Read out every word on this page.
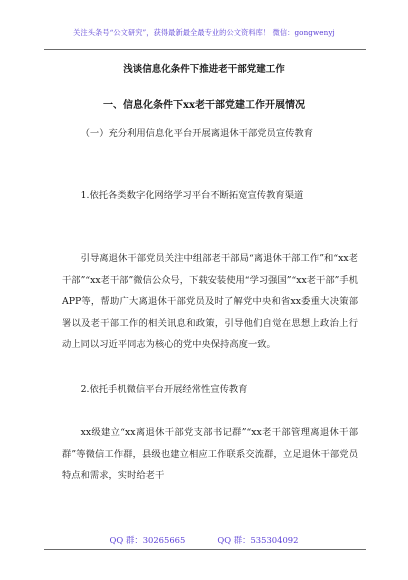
关注头条号“公文研究”，获得最新最全最专业的公文资料库！ 微信：gongwenyj
浅谈信息化条件下推进老干部党建工作
一、信息化条件下xx老干部党建工作开展情况

（一）充分利用信息化平台开展离退休干部党员宣传教育

1.依托各类数字化网络学习平台不断拓宽宣传教育渠道

引导离退休干部党员关注中组部老干部局“离退休干部工作”和“xx老干部”“xx老干部”微信公众号，下载安装使用“学习强国”“xx老干部”手机APP等，帮助广大离退休干部党员及时了解党中央和省xx委重大决策部署以及老干部工作的相关讯息和政策，引导他们自觉在思想上政治上行动上同以习近平同志为核心的党中央保持高度一致。

2.依托手机微信平台开展经常性宣传教育

xx级建立“xx离退休干部党支部书记群”“xx老干部管理离退休干部群”等微信工作群，县级也建立相应工作联系交流群，立足退休干部党员特点和需求，实时给老干

QQ 群：30265665	QQ 群：535304092
